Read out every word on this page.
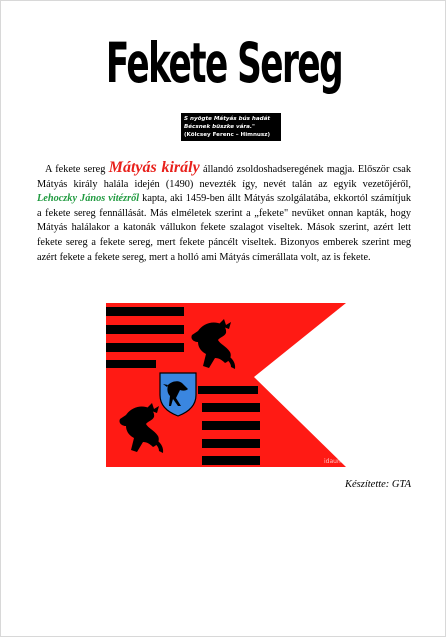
Fekete Sereg
S nyögte Mátyás bús hadát
Bécsnek büszke vára."
(Kölcsey Ferenc – Himnusz)

A fekete sereg Mátyás király állandó zsoldoshadseregének magja. Először csak Mátyás király halála idején (1490) nevezték így, nevét talán az egyik vezetőjéről, Lehoczky János vitézről kapta, aki 1459-ben állt Mátyás szolgálatába, ekkortól számítjuk a fekete sereg fennállását. Más elméletek szerint a „fekete" nevüket onnan kapták, hogy Mátyás halálakor a katonák vállukon fekete szalagot viseltek. Mások szerint, azért lett fekete sereg a fekete sereg, mert fekete páncélt viseltek. Bizonyos emberek szerint meg azért fekete a fekete sereg, mert a holló ami Mátyás címerállata volt, az is fekete.

idaum
Készítette: GTA
